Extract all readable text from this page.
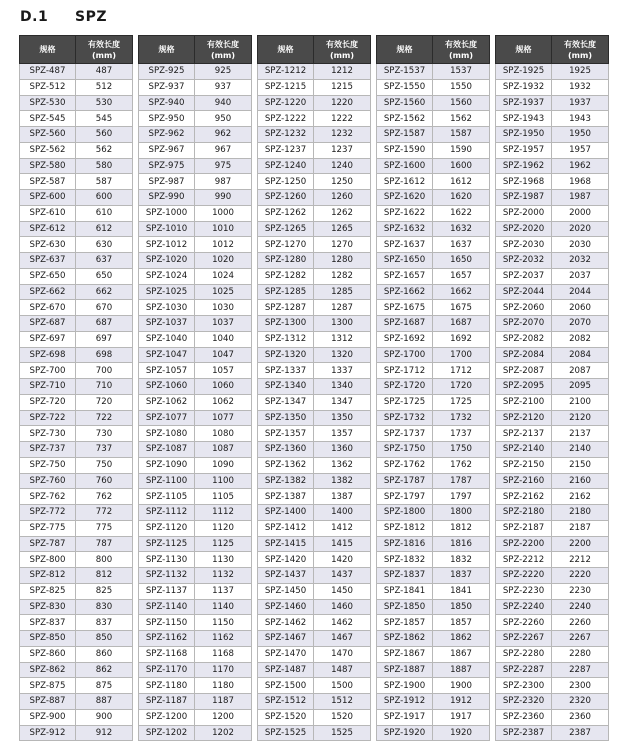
D.1 SPZ
规格	有效长度
(mm)

SPZ-487	487
SPZ-512	512
SPZ-530	530
SPZ-545	545
SPZ-560	560
SPZ-562	562
SPZ-580	580
SPZ-587	587
SPZ-600	600
SPZ-610	610
SPZ-612	612
SPZ-630	630
SPZ-637	637
SPZ-650	650
SPZ-662	662
SPZ-670	670
SPZ-687	687
SPZ-697	697
SPZ-698	698
SPZ-700	700
SPZ-710	710
SPZ-720	720
SPZ-722	722
SPZ-730	730
SPZ-737	737
SPZ-750	750
SPZ-760	760
SPZ-762	762
SPZ-772	772
SPZ-775	775
SPZ-787	787
SPZ-800	800
SPZ-812	812
SPZ-825	825
SPZ-830	830
SPZ-837	837
SPZ-850	850
SPZ-860	860
SPZ-862	862
SPZ-875	875
SPZ-887	887
SPZ-900	900
SPZ-912	912
规格	有效长度
(mm)

SPZ-925	925
SPZ-937	937
SPZ-940	940
SPZ-950	950
SPZ-962	962
SPZ-967	967
SPZ-975	975
SPZ-987	987
SPZ-990	990
SPZ-1000	1000
SPZ-1010	1010
SPZ-1012	1012
SPZ-1020	1020
SPZ-1024	1024
SPZ-1025	1025
SPZ-1030	1030
SPZ-1037	1037
SPZ-1040	1040
SPZ-1047	1047
SPZ-1057	1057
SPZ-1060	1060
SPZ-1062	1062
SPZ-1077	1077
SPZ-1080	1080
SPZ-1087	1087
SPZ-1090	1090
SPZ-1100	1100
SPZ-1105	1105
SPZ-1112	1112
SPZ-1120	1120
SPZ-1125	1125
SPZ-1130	1130
SPZ-1132	1132
SPZ-1137	1137
SPZ-1140	1140
SPZ-1150	1150
SPZ-1162	1162
SPZ-1168	1168
SPZ-1170	1170
SPZ-1180	1180
SPZ-1187	1187
SPZ-1200	1200
SPZ-1202	1202
规格	有效长度
(mm)

SPZ-1212	1212
SPZ-1215	1215
SPZ-1220	1220
SPZ-1222	1222
SPZ-1232	1232
SPZ-1237	1237
SPZ-1240	1240
SPZ-1250	1250
SPZ-1260	1260
SPZ-1262	1262
SPZ-1265	1265
SPZ-1270	1270
SPZ-1280	1280
SPZ-1282	1282
SPZ-1285	1285
SPZ-1287	1287
SPZ-1300	1300
SPZ-1312	1312
SPZ-1320	1320
SPZ-1337	1337
SPZ-1340	1340
SPZ-1347	1347
SPZ-1350	1350
SPZ-1357	1357
SPZ-1360	1360
SPZ-1362	1362
SPZ-1382	1382
SPZ-1387	1387
SPZ-1400	1400
SPZ-1412	1412
SPZ-1415	1415
SPZ-1420	1420
SPZ-1437	1437
SPZ-1450	1450
SPZ-1460	1460
SPZ-1462	1462
SPZ-1467	1467
SPZ-1470	1470
SPZ-1487	1487
SPZ-1500	1500
SPZ-1512	1512
SPZ-1520	1520
SPZ-1525	1525
规格	有效长度
(mm)

SPZ-1537	1537
SPZ-1550	1550
SPZ-1560	1560
SPZ-1562	1562
SPZ-1587	1587
SPZ-1590	1590
SPZ-1600	1600
SPZ-1612	1612
SPZ-1620	1620
SPZ-1622	1622
SPZ-1632	1632
SPZ-1637	1637
SPZ-1650	1650
SPZ-1657	1657
SPZ-1662	1662
SPZ-1675	1675
SPZ-1687	1687
SPZ-1692	1692
SPZ-1700	1700
SPZ-1712	1712
SPZ-1720	1720
SPZ-1725	1725
SPZ-1732	1732
SPZ-1737	1737
SPZ-1750	1750
SPZ-1762	1762
SPZ-1787	1787
SPZ-1797	1797
SPZ-1800	1800
SPZ-1812	1812
SPZ-1816	1816
SPZ-1832	1832
SPZ-1837	1837
SPZ-1841	1841
SPZ-1850	1850
SPZ-1857	1857
SPZ-1862	1862
SPZ-1867	1867
SPZ-1887	1887
SPZ-1900	1900
SPZ-1912	1912
SPZ-1917	1917
SPZ-1920	1920
规格	有效长度
(mm)

SPZ-1925	1925
SPZ-1932	1932
SPZ-1937	1937
SPZ-1943	1943
SPZ-1950	1950
SPZ-1957	1957
SPZ-1962	1962
SPZ-1968	1968
SPZ-1987	1987
SPZ-2000	2000
SPZ-2020	2020
SPZ-2030	2030
SPZ-2032	2032
SPZ-2037	2037
SPZ-2044	2044
SPZ-2060	2060
SPZ-2070	2070
SPZ-2082	2082
SPZ-2084	2084
SPZ-2087	2087
SPZ-2095	2095
SPZ-2100	2100
SPZ-2120	2120
SPZ-2137	2137
SPZ-2140	2140
SPZ-2150	2150
SPZ-2160	2160
SPZ-2162	2162
SPZ-2180	2180
SPZ-2187	2187
SPZ-2200	2200
SPZ-2212	2212
SPZ-2220	2220
SPZ-2230	2230
SPZ-2240	2240
SPZ-2260	2260
SPZ-2267	2267
SPZ-2280	2280
SPZ-2287	2287
SPZ-2300	2300
SPZ-2320	2320
SPZ-2360	2360
SPZ-2387	2387
